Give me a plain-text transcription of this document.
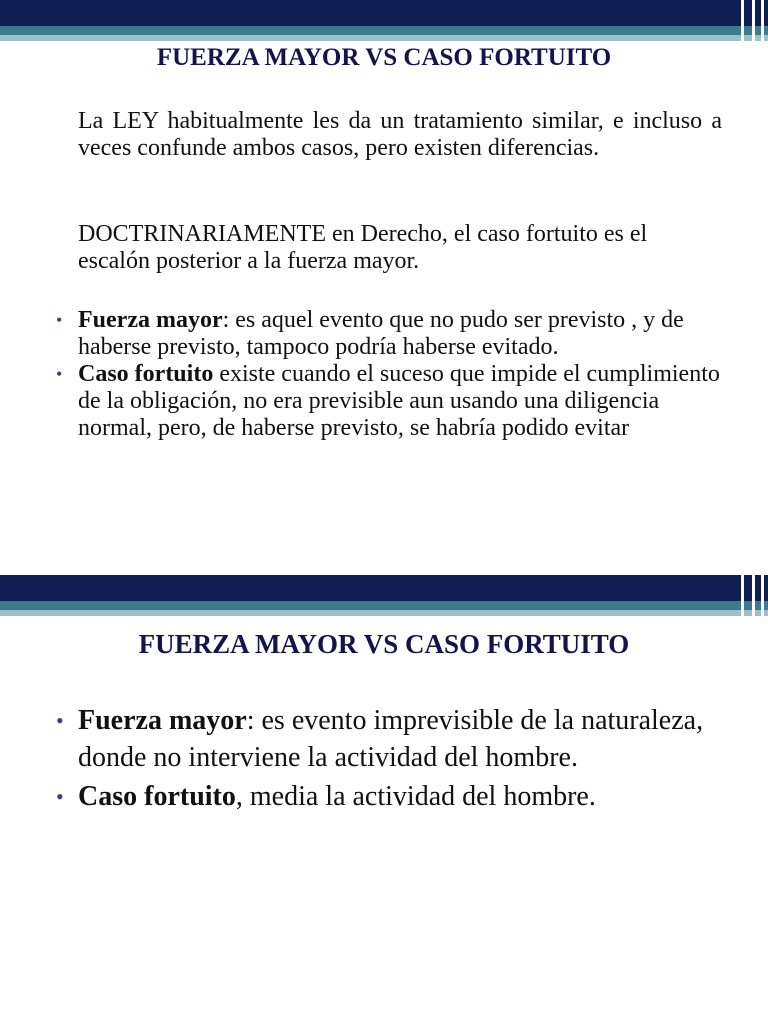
FUERZA MAYOR VS CASO FORTUITO
La LEY habitualmente les da un tratamiento similar, e incluso a veces confunde ambos casos, pero existen diferencias.
DOCTRINARIAMENTE en Derecho, el caso fortuito es el escalón posterior a la fuerza mayor.
• Fuerza mayor: es aquel evento que no pudo ser previsto , y de haberse previsto, tampoco podría haberse evitado.
• Caso fortuito existe cuando el suceso que impide el cumplimiento de la obligación, no era previsible aun usando una diligencia normal, pero, de haberse previsto, se habría podido evitar
FUERZA MAYOR VS CASO FORTUITO
• Fuerza mayor: es evento imprevisible de la naturaleza, donde no interviene la actividad del hombre.
• Caso fortuito, media la actividad del hombre.
